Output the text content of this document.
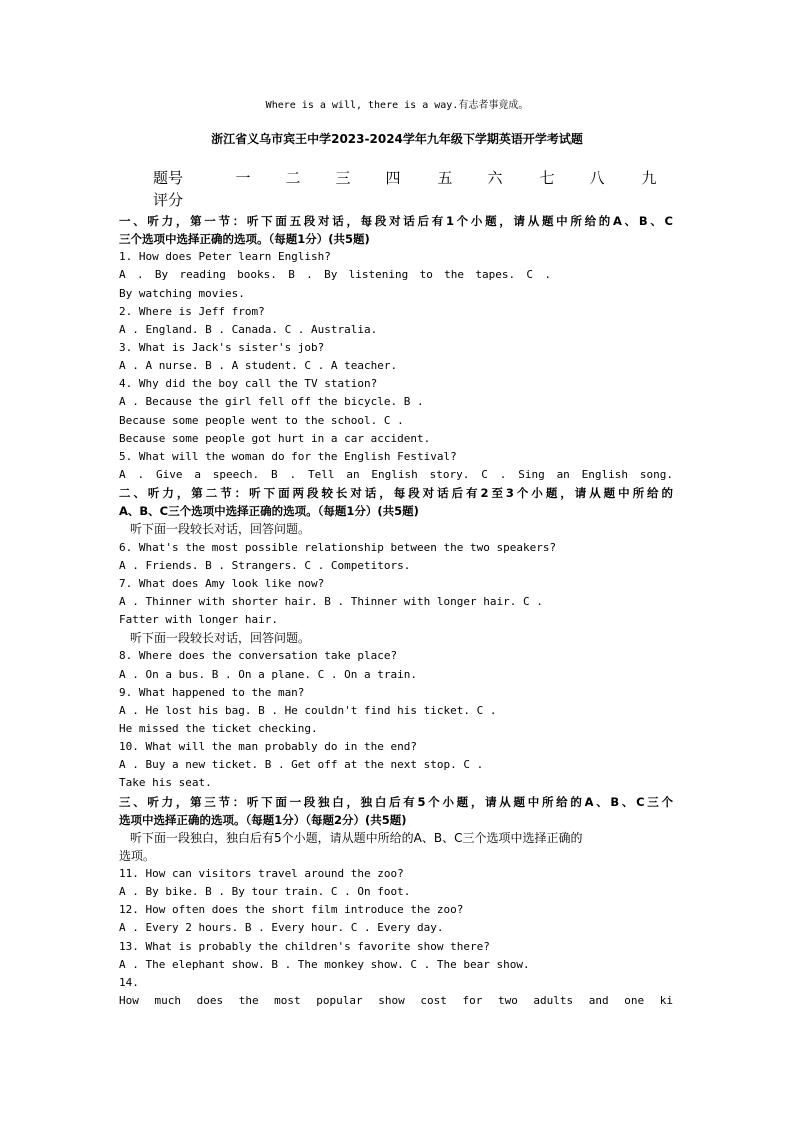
Where is a will, there is a way.有志者事竟成。
浙江省义乌市宾王中学2023-2024学年九年级下学期英语开学考试题
题号	一	二	三	四	五	六	七	八	九
评分
一、听力，第一节：听下面五段对话，每段对话后有1个小题，请从题中所给的A、B、C
三个选项中选择正确的选项。（每题1分）(共5题)
1. How does Peter learn English?
A . By reading books. B . By listening to the tapes. C .
By watching movies.
2. Where is Jeff from?
A . England. B . Canada. C . Australia.
3. What is Jack's sister's job?
A . A nurse. B . A student. C . A teacher.
4. Why did the boy call the TV station?
A . Because the girl fell off the bicycle. B .
Because some people went to the school. C .
Because some people got hurt in a car accident.
5. What will the woman do for the English Festival?
A . Give a speech. B . Tell an English story. C . Sing an English song.
二、听力，第二节：听下面两段较长对话，每段对话后有2至3个小题，请从题中所给的
A、B、C三个选项中选择正确的选项。（每题1分）(共5题)
听下面一段较长对话，回答问题。
6. What's the most possible relationship between the two speakers?
A . Friends. B . Strangers. C . Competitors.
7. What does Amy look like now?
A . Thinner with shorter hair. B . Thinner with longer hair. C .
Fatter with longer hair.
听下面一段较长对话，回答问题。
8. Where does the conversation take place?
A . On a bus. B . On a plane. C . On a train.
9. What happened to the man?
A . He lost his bag. B . He couldn't find his ticket. C .
He missed the ticket checking.
10. What will the man probably do in the end?
A . Buy a new ticket. B . Get off at the next stop. C .
Take his seat.
三、听力，第三节：听下面一段独白，独白后有5个小题，请从题中所给的A、B、C三个
选项中选择正确的选项。（每题1分）（每题2分）(共5题)
听下面一段独白，独白后有5个小题，请从题中所给的A、B、C三个选项中选择正确的
选项。
11. How can visitors travel around the zoo?
A . By bike. B . By tour train. C . On foot.
12. How often does the short film introduce the zoo?
A . Every 2 hours. B . Every hour. C . Every day.
13. What is probably the children's favorite show there?
A . The elephant show. B . The monkey show. C . The bear show.
14.
How much does the most popular show cost for two adults and one ki
